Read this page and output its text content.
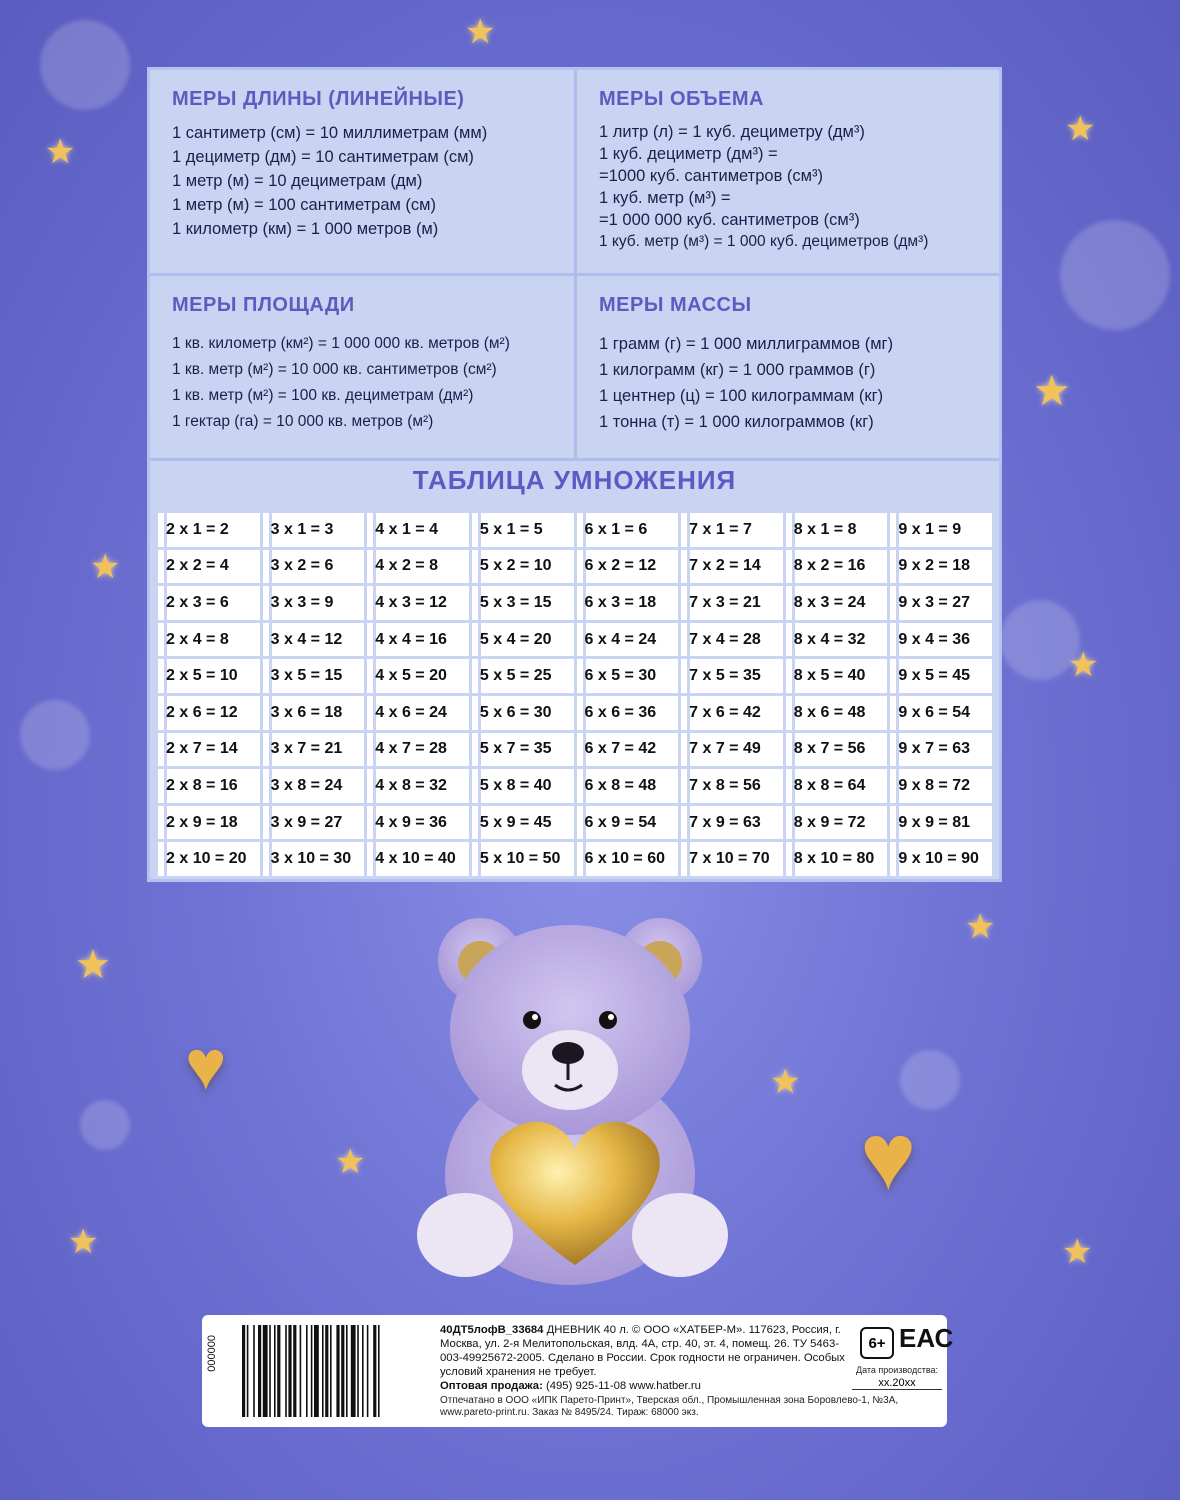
★
★
★
★
★
★
★
★
★
★
★	★
♥
♥
МЕРЫ ДЛИНЫ (ЛИНЕЙНЫЕ)
1 сантиметр (см) = 10 миллиметрам (мм)
1 дециметр (дм) = 10 сантиметрам (см)
1 метр (м) = 10 дециметрам (дм)
1 метр (м) = 100 сантиметрам (см)
1 километр (км) = 1 000 метров (м)
МЕРЫ ОБЪЕМА
1 литр (л) = 1 куб. дециметру (дм³)
1 куб. дециметр (дм³) =
=1000 куб. сантиметров (см³)
1 куб. метр (м³) =
=1 000 000 куб. сантиметров (см³)
1 куб. метр (м³) = 1 000 куб. дециметров (дм³)
МЕРЫ ПЛОЩАДИ
1 кв. километр (км²) = 1 000 000 кв. метров (м²)
1 кв. метр (м²) = 10 000 кв. сантиметров (см²)
1 кв. метр (м²) = 100 кв. дециметрам (дм²)
1 гектар (га) = 10 000 кв. метров (м²)
МЕРЫ МАССЫ
1 грамм (г) = 1 000 миллиграммов (мг)
1 килограмм (кг) = 1 000 граммов (г)
1 центнер (ц) = 100 килограммам (кг)
1 тонна (т) = 1 000 килограммов (кг)
ТАБЛИЦА УМНОЖЕНИЯ
2 x 1 = 2	3 x 1 = 3	4 x 1 = 4	5 x 1 = 5	6 x 1 = 6	7 x 1 = 7	8 x 1 = 8	9 x 1 = 9
2 x 2 = 4	3 x 2 = 6	4 x 2 = 8	5 x 2 = 10	6 x 2 = 12	7 x 2 = 14	8 x 2 = 16	9 x 2 = 18
2 x 3 = 6	3 x 3 = 9	4 x 3 = 12	5 x 3 = 15	6 x 3 = 18	7 x 3 = 21	8 x 3 = 24	9 x 3 = 27
2 x 4 = 8	3 x 4 = 12	4 x 4 = 16	5 x 4 = 20	6 x 4 = 24	7 x 4 = 28	8 x 4 = 32	9 x 4 = 36
2 x 5 = 10	3 x 5 = 15	4 x 5 = 20	5 x 5 = 25	6 x 5 = 30	7 x 5 = 35	8 x 5 = 40	9 x 5 = 45
2 x 6 = 12	3 x 6 = 18	4 x 6 = 24	5 x 6 = 30	6 x 6 = 36	7 x 6 = 42	8 x 6 = 48	9 x 6 = 54
2 x 7 = 14	3 x 7 = 21	4 x 7 = 28	5 x 7 = 35	6 x 7 = 42	7 x 7 = 49	8 x 7 = 56	9 x 7 = 63
2 x 8 = 16	3 x 8 = 24	4 x 8 = 32	5 x 8 = 40	6 x 8 = 48	7 x 8 = 56	8 x 8 = 64	9 x 8 = 72
2 x 9 = 18	3 x 9 = 27	4 x 9 = 36	5 x 9 = 45	6 x 9 = 54	7 x 9 = 63	8 x 9 = 72	9 x 9 = 81
2 x 10 = 20	3 x 10 = 30	4 x 10 = 40	5 x 10 = 50	6 x 10 = 60	7 x 10 = 70	8 x 10 = 80	9 x 10 = 90
000000
40ДТ5лофВ_33684 ДНЕВНИК 40 л. © ООО «ХАТБЕР-М». 117623, Россия, г. Москва, ул. 2-я Мелитопольская, влд. 4А, стр. 40, эт. 4, помещ. 26. ТУ 5463-003-49925672-2005. Сделано в России. Срок годности не ограничен. Особых условий хранения не требует.
Оптовая продажа: (495) 925-11-08 www.hatber.ru
Отпечатано в ООО «ИПК Парето-Принт», Тверская обл., Промышленная зона Боровлево-1, №3А, www.pareto-print.ru. Заказ № 8495/24. Тираж: 68000 экз.
6+ ЕАС
Дата производства:
xx.20xx
